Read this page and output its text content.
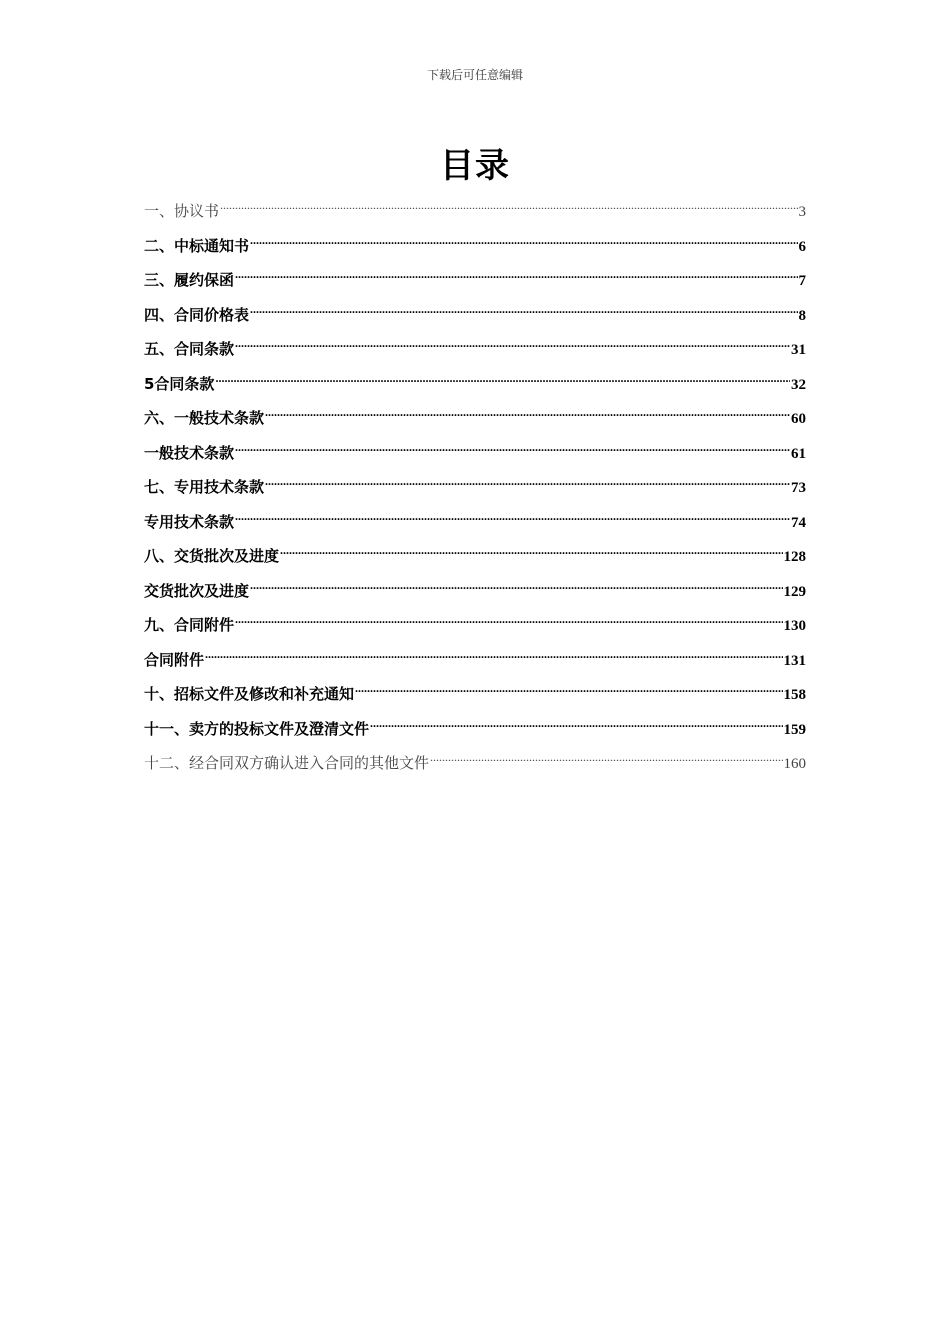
下载后可任意编辑
目录
一、协议书 .....	3
二、中标通知书 .....	6
三、履约保函 .....	7
四、合同价格表 .....	8
五、合同条款 .....	31
5合同条款 .....	32
六、一般技术条款 .....	60
一般技术条款 .....	61
七、专用技术条款 .....	73
专用技术条款 .....	74
八、交货批次及进度 .....	128
交货批次及进度 .....	129
九、合同附件 .....	130
合同附件 .....	131
十、招标文件及修改和补充通知 .....	158
十一、卖方的投标文件及澄清文件 .....	159
十二、经合同双方确认进入合同的其他文件 .....	160
